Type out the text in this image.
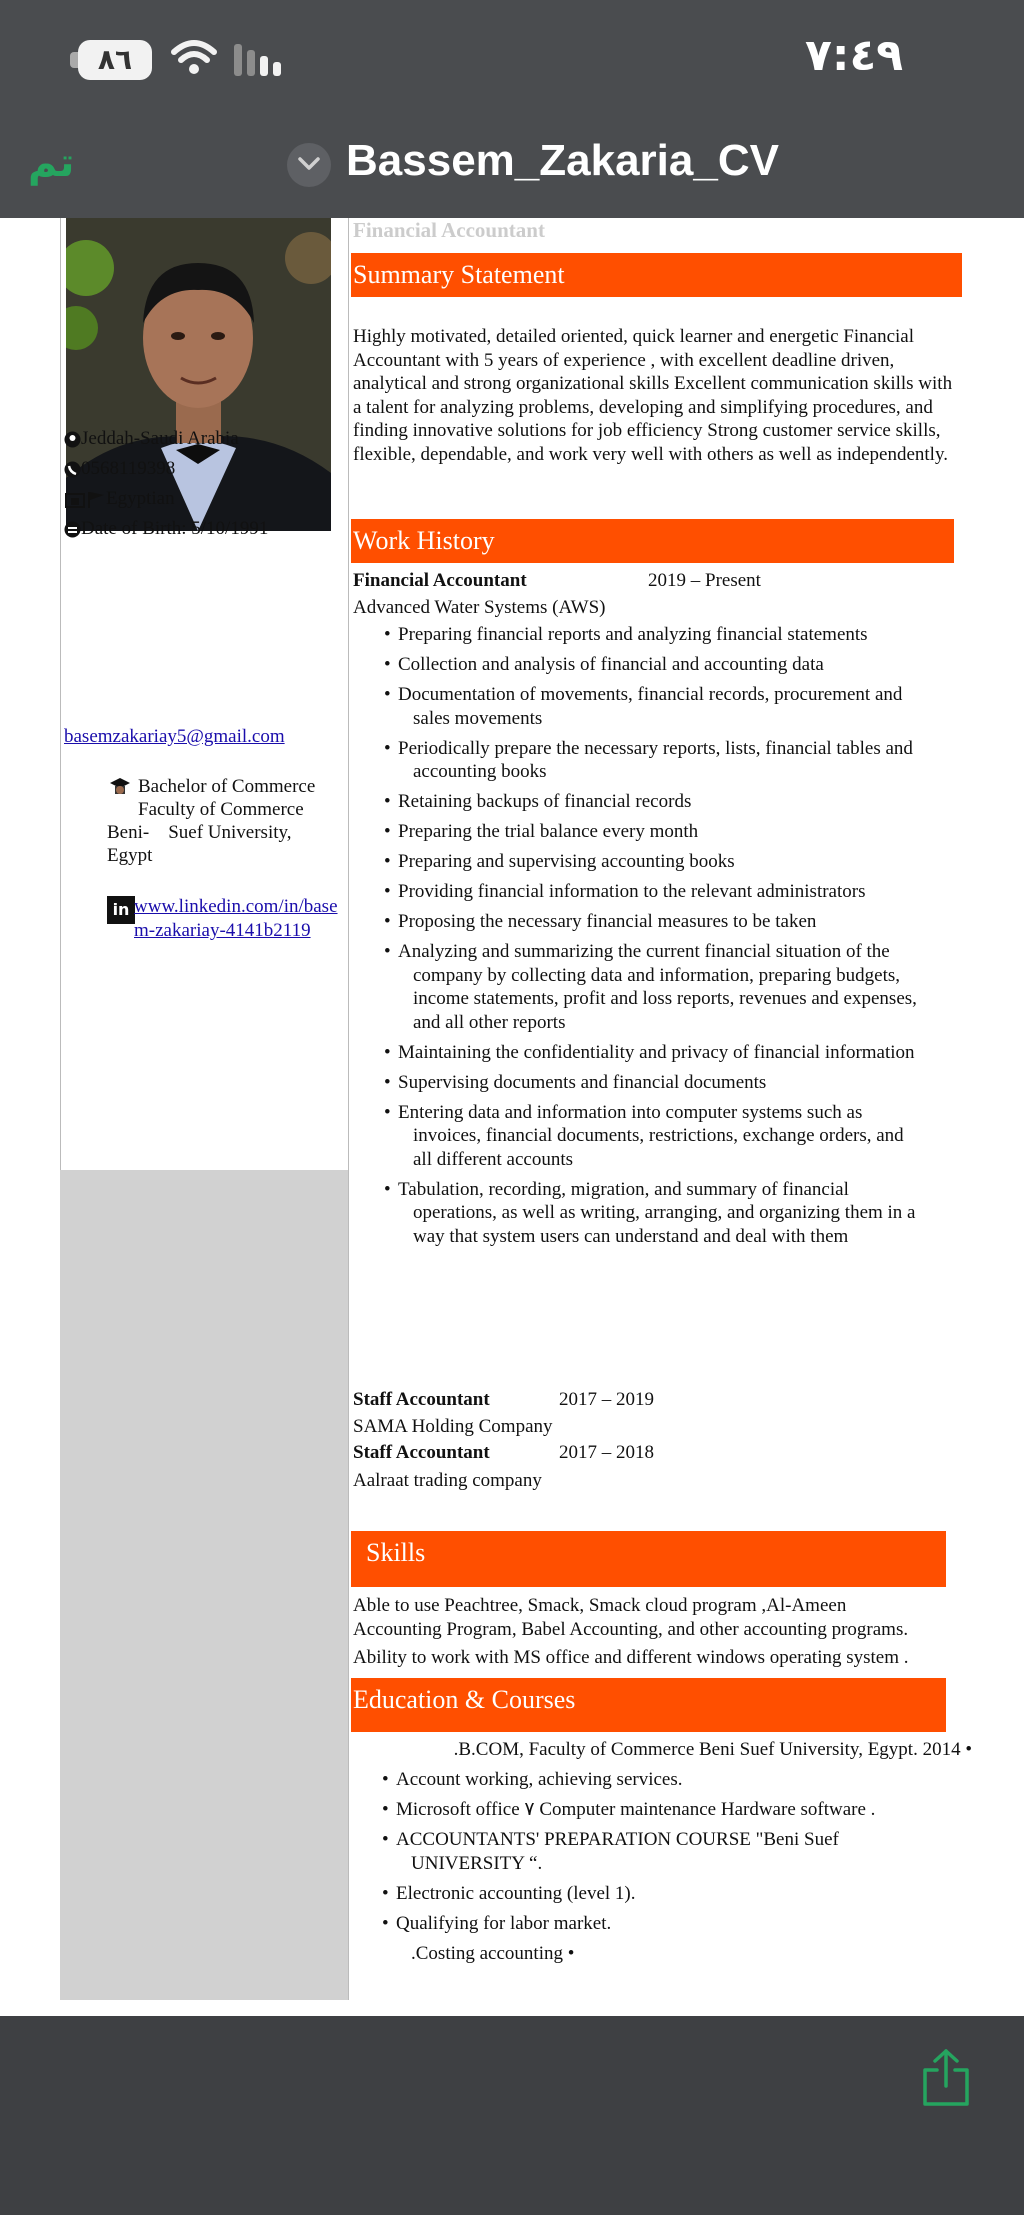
٨٦	٧:٤٩
تم	Bassem_Zakaria_CV
Jeddah-Saudi Arabia
0568119398
Egyptian
Date of Birth: 5/10/1991
basemzakariay5@gmail.com
Bachelor of Commerce
Faculty of Commerce
Beni-    Suef University,
Egypt
in www.linkedin.com/in/basem-zakariay-4141b2119
Financial Accountant
Summary Statement
Highly motivated, detailed oriented, quick learner and energetic Financial Accountant with 5 years of experience , with excellent deadline driven, analytical and strong organizational skills Excellent communication skills with a talent for analyzing problems, developing and simplifying procedures, and finding innovative solutions for job efficiency Strong customer service skills, flexible, dependable, and work very well with others as well as independently.
Work History
Financial Accountant	2019 – Present
Advanced Water Systems (AWS)
• Preparing financial reports and analyzing financial statements
• Collection and analysis of financial and accounting data
• Documentation of movements, financial records, procurement and
sales movements
• Periodically prepare the necessary reports, lists, financial tables and
accounting books
• Retaining backups of financial records
• Preparing the trial balance every month
• Preparing and supervising accounting books
• Providing financial information to the relevant administrators
• Proposing the necessary financial measures to be taken
• Analyzing and summarizing the current financial situation of the
company by collecting data and information, preparing budgets,
income statements, profit and loss reports, revenues and expenses,
and all other reports
• Maintaining the confidentiality and privacy of financial information
• Supervising documents and financial documents
• Entering data and information into computer systems such as
invoices, financial documents, restrictions, exchange orders, and
all different accounts
• Tabulation, recording, migration, and summary of financial
operations, as well as writing, arranging, and organizing them in a
way that system users can understand and deal with them
Staff Accountant	2017 – 2019
SAMA Holding Company
Staff Accountant	2017 – 2018
Aalraat trading company
Skills
Able to use Peachtree, Smack, Smack cloud program ,Al-Ameen
Accounting Program, Babel Accounting, and other accounting programs.
Ability to work with MS office and different windows operating system .
Education & Courses
.B.COM, Faculty of Commerce Beni Suef University, Egypt. 2014 •
• Account working, achieving services.
• Microsoft office ٧ Computer maintenance Hardware software .
• ACCOUNTANTS' PREPARATION COURSE "Beni Suef
UNIVERSITY “.
• Electronic accounting (level 1).
• Qualifying for labor market.
.Costing accounting •
